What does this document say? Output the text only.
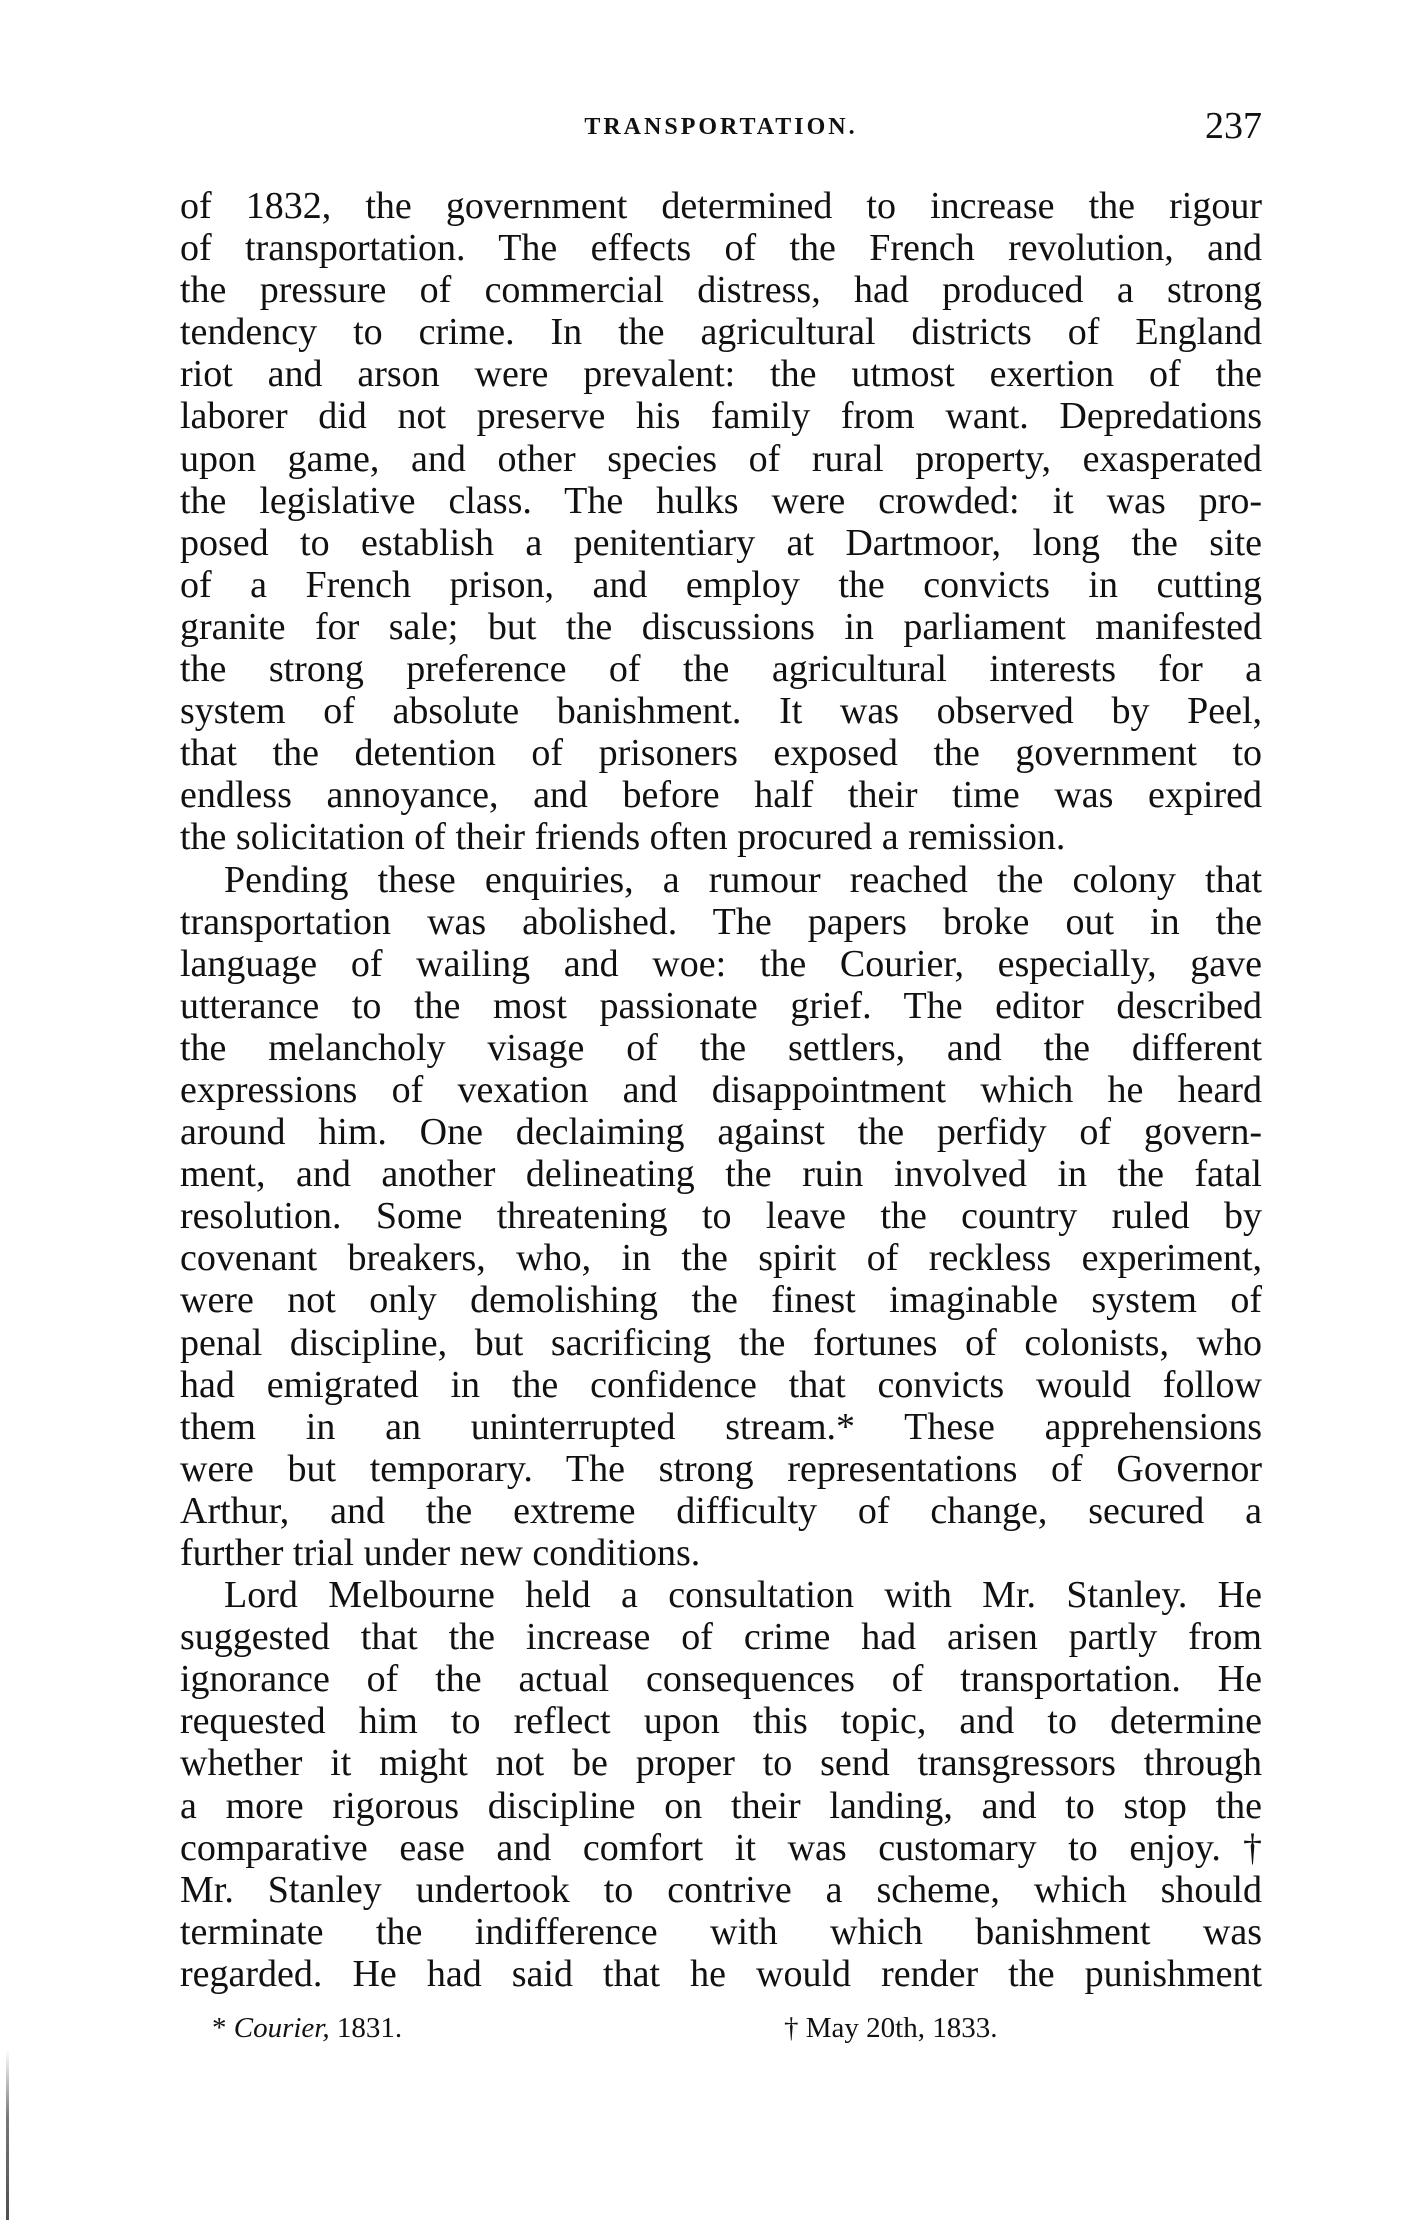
TRANSPORTATION.	237
of 1832, the government determined to increase the rigour
of transportation. The effects of the French revolution, and
the pressure of commercial distress, had produced a strong
tendency to crime. In the agricultural districts of England
riot and arson were prevalent: the utmost exertion of the
laborer did not preserve his family from want. Depredations
upon game, and other species of rural property, exasperated
the legislative class. The hulks were crowded: it was pro-
posed to establish a penitentiary at Dartmoor, long the site
of a French prison, and employ the convicts in cutting
granite for sale; but the discussions in parliament manifested
the strong preference of the agricultural interests for a
system of absolute banishment. It was observed by Peel,
that the detention of prisoners exposed the government to
endless annoyance, and before half their time was expired
the solicitation of their friends often procured a remission.
Pending these enquiries, a rumour reached the colony that
transportation was abolished. The papers broke out in the
language of wailing and woe: the Courier, especially, gave
utterance to the most passionate grief. The editor described
the melancholy visage of the settlers, and the different
expressions of vexation and disappointment which he heard
around him. One declaiming against the perfidy of govern-
ment, and another delineating the ruin involved in the fatal
resolution. Some threatening to leave the country ruled by
covenant breakers, who, in the spirit of reckless experiment,
were not only demolishing the finest imaginable system of
penal discipline, but sacrificing the fortunes of colonists, who
had emigrated in the confidence that convicts would follow
them in an uninterrupted stream.* These apprehensions
were but temporary. The strong representations of Governor
Arthur, and the extreme difficulty of change, secured a
further trial under new conditions.
Lord Melbourne held a consultation with Mr. Stanley. He
suggested that the increase of crime had arisen partly from
ignorance of the actual consequences of transportation. He
requested him to reflect upon this topic, and to determine
whether it might not be proper to send transgressors through
a more rigorous discipline on their landing, and to stop the
comparative ease and comfort it was customary to enjoy.†
Mr. Stanley undertook to contrive a scheme, which should
terminate the indifference with which banishment was
regarded. He had said that he would render the punishment
* Courier, 1831.	† May 20th, 1833.
